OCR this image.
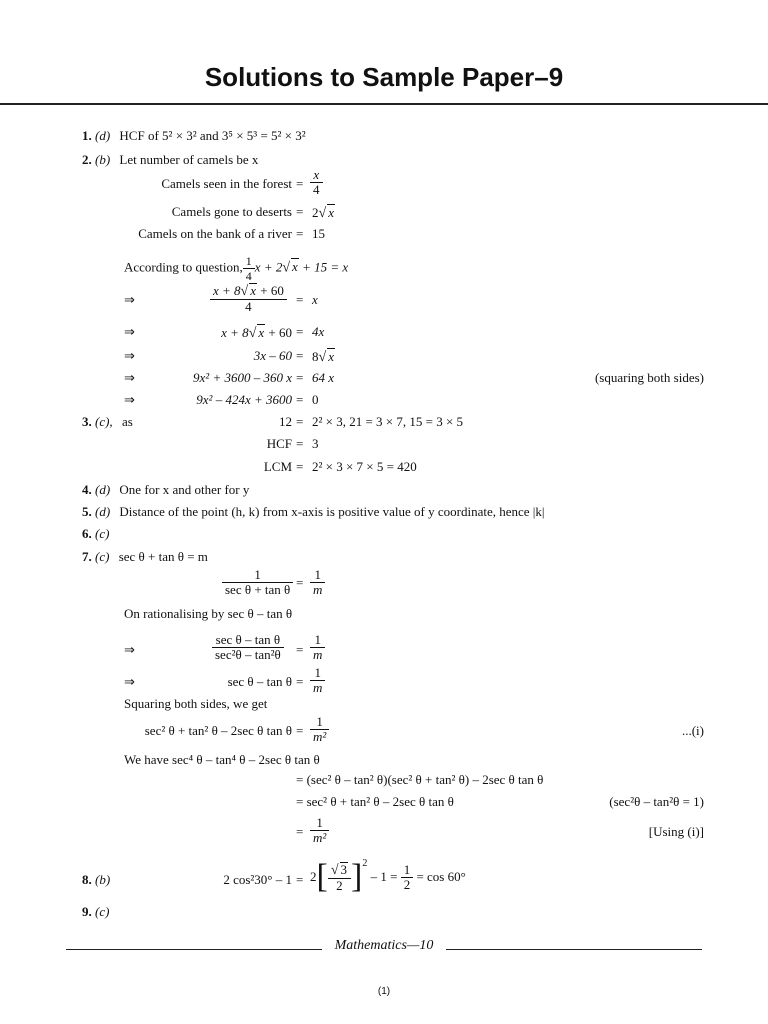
Solutions to Sample Paper–9
1. (d) HCF of 5² × 3² and 3⁵ × 5³ = 5² × 3²
2. (b) Let number of camels be x
Camels seen in the forest = $\frac{x}{4}$
Camels gone to deserts = 2√ x
Camels on the bank of a river = 15
According to question, $\frac{1}{4}$ x + 2√ x + 15 = x
⇒	$\frac{x + 8√ x + 60}{4} = x$
⇒	x + 8√ x + 60 = 4x
⇒	3x – 60 = 8√ x
⇒	9x² + 3600 – 360 x = 64 x	(squaring both sides)
⇒	9x² – 424x + 3600 = 0
3. (c), as	12 = 2² × 3, 21 = 3 × 7, 15 = 3 × 5
HCF = 3
LCM = 2² × 3 × 7 × 5 = 420
4. (d) One for x and other for y
5. (d) Distance of the point (h, k) from x-axis is positive value of y coordinate, hence |k|
6. (c)
7. (c) sec θ + tan θ = m
$\frac{1}{\text{sec θ + tan θ}} = \frac{1}{m}$
On rationalising by sec θ – tan θ
⇒	$\frac{\text{sec θ – tan θ}}{\text{sec²θ – tan²θ}} = \frac{1}{m}$
⇒	$\sec \theta - \tan \theta = \frac{1}{m}$
Squaring both sides, we get
sec² θ + tan² θ – 2sec θ $\tan \theta = \frac{1}{\text{m²}}$	...(i)
We have sec⁴ θ – tan⁴ θ – 2sec θ tan θ
= (sec² θ – tan² θ)(sec² θ + tan² θ) – 2sec θ tan θ
= sec² θ + tan² θ – 2sec θ tan θ	(sec²θ – tan²θ = 1)
= $\frac{1}{\text{m²}}$	[Using (i)]
8. (b)	2 $\cos^230^\circ - 1 = 2[ \frac{√ 3}{2} ]^2 - 1 = \frac{1}{2} = \cos 60^\circ$
9. (c)
Mathematics—10
(1)
